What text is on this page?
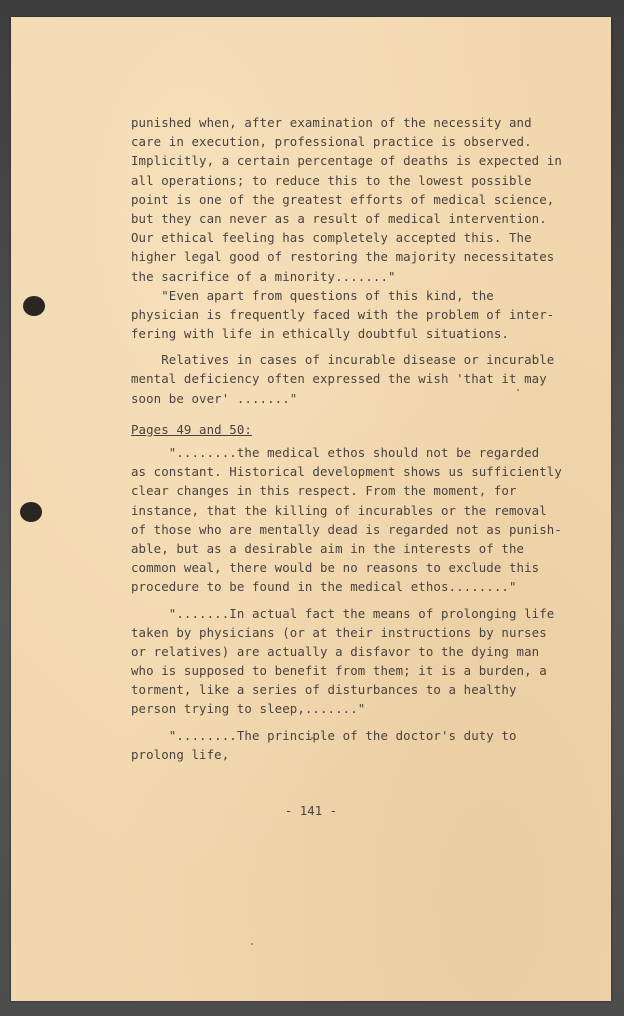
punished when, after examination of the necessity and
care in execution, professional practice is observed.
Implicitly, a certain percentage of deaths is expected in
all operations; to reduce this to the lowest possible
point is one of the greatest efforts of medical science,
but they can never as a result of medical intervention.
Our ethical feeling has completely accepted this. The
higher legal good of restoring the majority necessitates
the sacrifice of a minority......."
"Even apart from questions of this kind, the
physician is frequently faced with the problem of inter-
fering with life in ethically doubtful situations.
Relatives in cases of incurable disease or incurable
mental deficiency often expressed the wish 'that it may
soon be over' ......."
Pages 49 and 50:
"........the medical ethos should not be regarded
as constant. Historical development shows us sufficiently
clear changes in this respect. From the moment, for
instance, that the killing of incurables or the removal
of those who are mentally dead is regarded not as punish-
able, but as a desirable aim in the interests of the
common weal, there would be no reasons to exclude this
procedure to be found in the medical ethos........"
".......In actual fact the means of prolonging life
taken by physicians (or at their instructions by nurses
or relatives) are actually a disfavor to the dying man
who is supposed to benefit from them; it is a burden, a
torment, like a series of disturbances to a healthy
person trying to sleep,......."
"........The principle of the doctor's duty to
prolong life,
- 141 -
